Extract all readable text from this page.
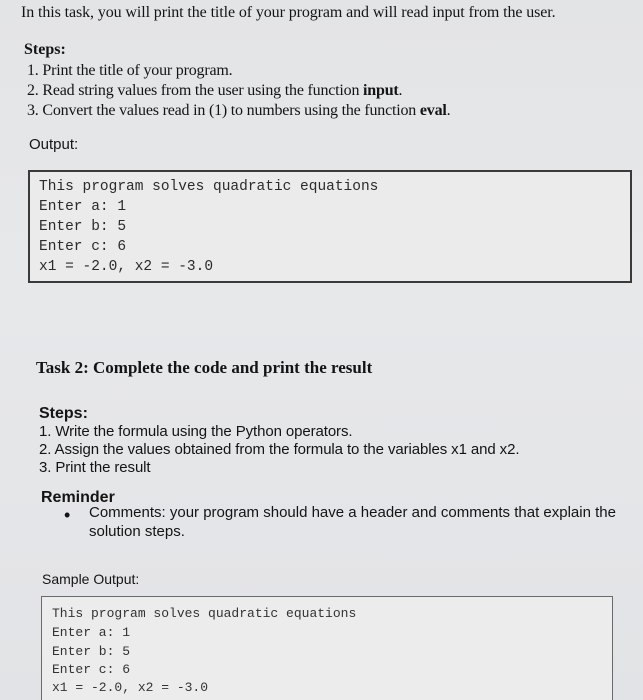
In this task, you will print the title of your program and will read input from the user.
Steps:
1. Print the title of your program.
2. Read string values from the user using the function input.
3. Convert the values read in (1) to numbers using the function eval.
Output:
This program solves quadratic equations
Enter a: 1
Enter b: 5
Enter c: 6
x1 = -2.0, x2 = -3.0
Task 2: Complete the code and print the result
Steps:
1. Write the formula using the Python operators.
2. Assign the values obtained from the formula to the variables x1 and x2.
3. Print the result
Reminder
• Comments: your program should have a header and comments that explain the solution steps.
Sample Output:
This program solves quadratic equations
Enter a: 1
Enter b: 5
Enter c: 6
x1 = -2.0, x2 = -3.0
